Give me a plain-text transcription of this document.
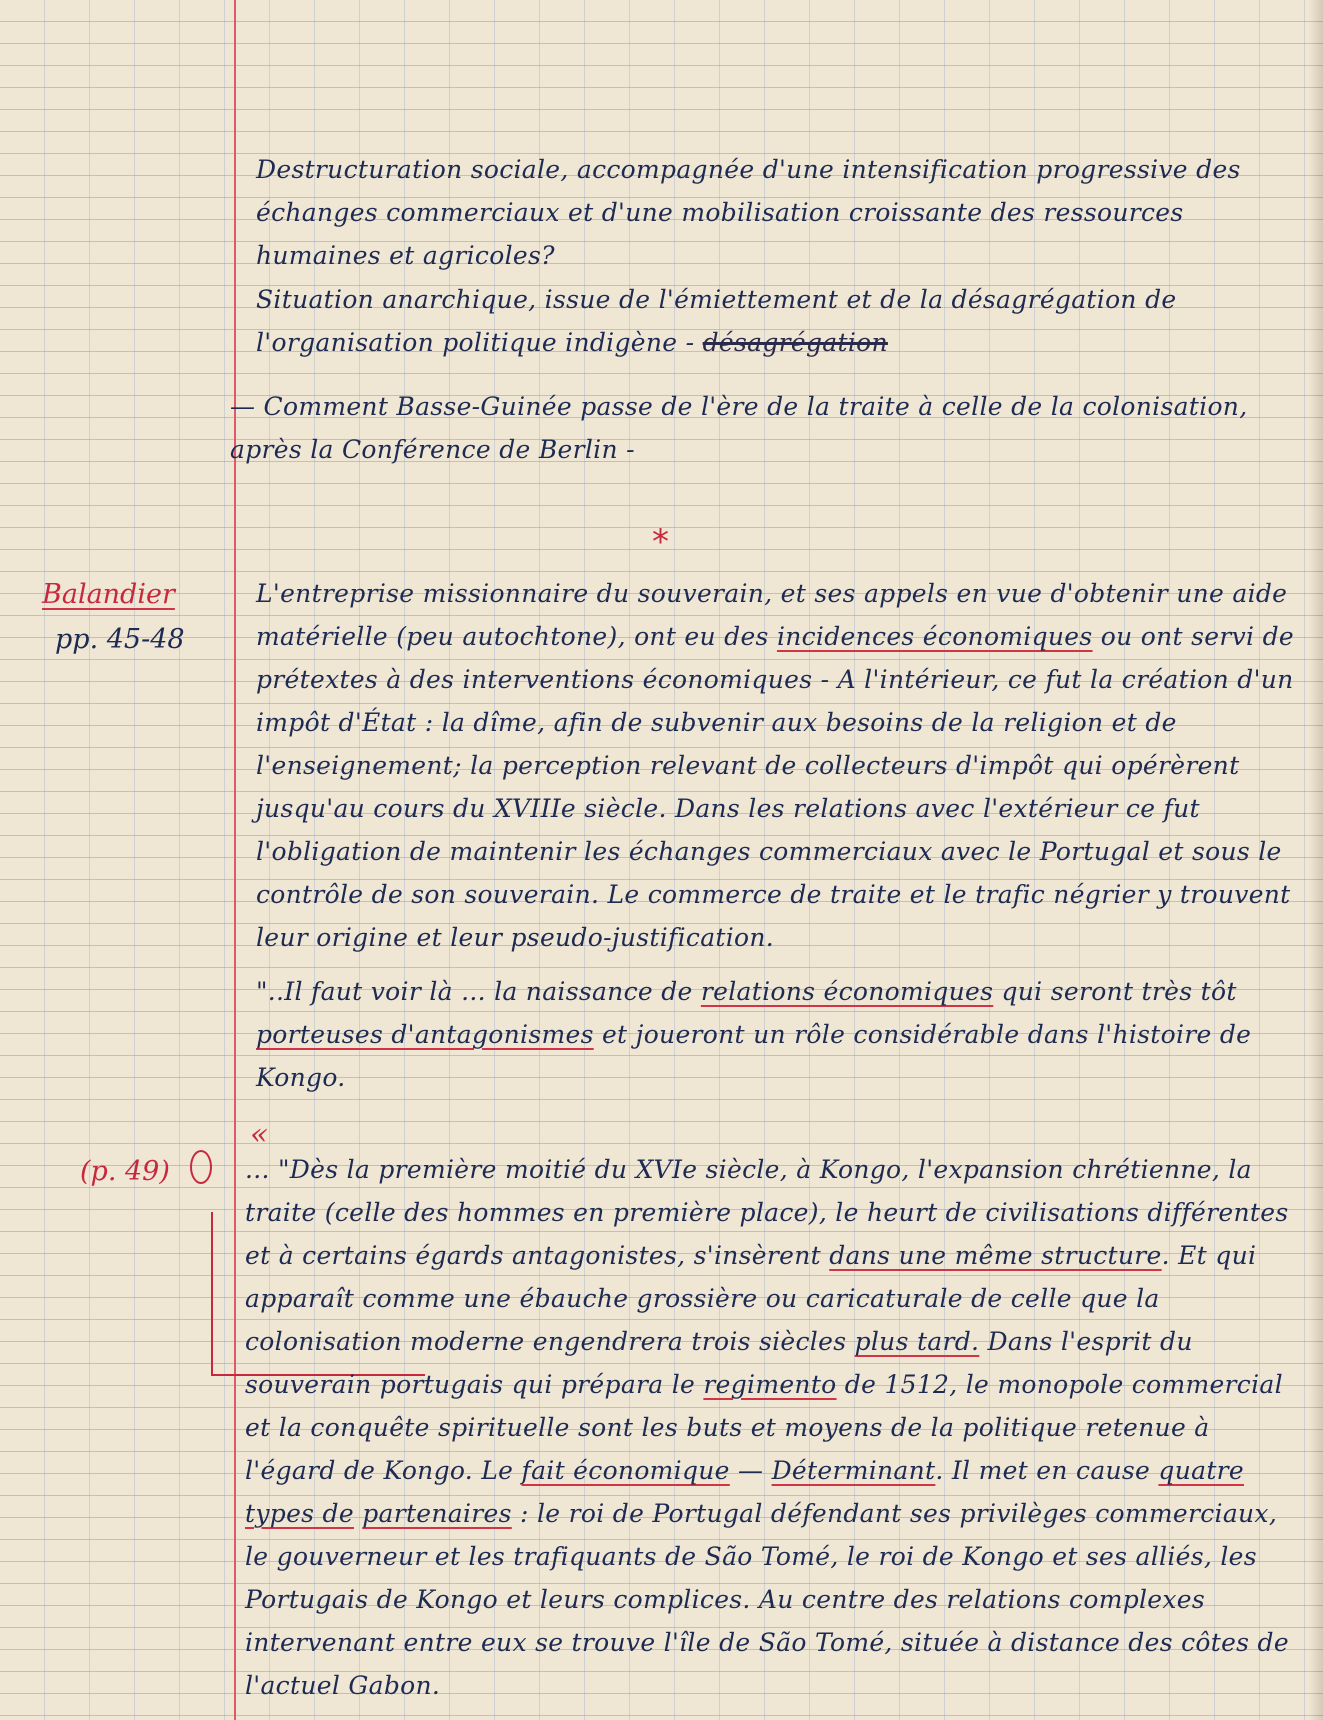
Destructuration sociale, accompagnée d'une intensification progressive des échanges commerciaux et d'une mobilisation croissante des ressources humaines et agricoles?

Situation anarchique, issue de l'émiettement et de la désagrégation de l'organisation politique indigène - désagrégation

— Comment Basse-Guinée passe de l'ère de la traite à celle de la colonisation, après la Conférence de Berlin -

*
Balandier
pp. 45-48

L'entreprise missionnaire du souverain, et ses appels en vue d'obtenir une aide matérielle (peu autochtone), ont eu des incidences économiques ou ont servi de prétextes à des interventions économiques - A l'intérieur, ce fut la création d'un impôt d'État : la dîme, afin de subvenir aux besoins de la religion et de l'enseignement; la perception relevant de collecteurs d'impôt qui opérèrent jusqu'au cours du XVIIIe siècle. Dans les relations avec l'extérieur ce fut l'obligation de maintenir les échanges commerciaux avec le Portugal et sous le contrôle de son souverain. Le commerce de traite et le trafic négrier y trouvent leur origine et leur pseudo-justification.

"..Il faut voir là ... la naissance de relations économiques qui seront très tôt porteuses d'antagonismes et joueront un rôle considérable dans l'histoire de Kongo.

(p. 49)
«

... "Dès la première moitié du XVIe siècle, à Kongo, l'expansion chrétienne, la traite (celle des hommes en première place), le heurt de civilisations différentes et à certains égards antagonistes, s'insèrent dans une même structure. Et qui apparaît comme une ébauche grossière ou caricaturale de celle que la colonisation moderne engendrera trois siècles plus tard. Dans l'esprit du souverain portugais qui prépara le regimento de 1512, le monopole commercial et la conquête spirituelle sont les buts et moyens de la politique retenue à l'égard de Kongo. Le fait économique — Déterminant. Il met en cause quatre types de partenaires : le roi de Portugal défendant ses privilèges commerciaux, le gouverneur et les trafiquants de São Tomé, le roi de Kongo et ses alliés, les Portugais de Kongo et leurs complices. Au centre des relations complexes intervenant entre eux se trouve l'île de São Tomé, située à distance des côtes de l'actuel Gabon.
